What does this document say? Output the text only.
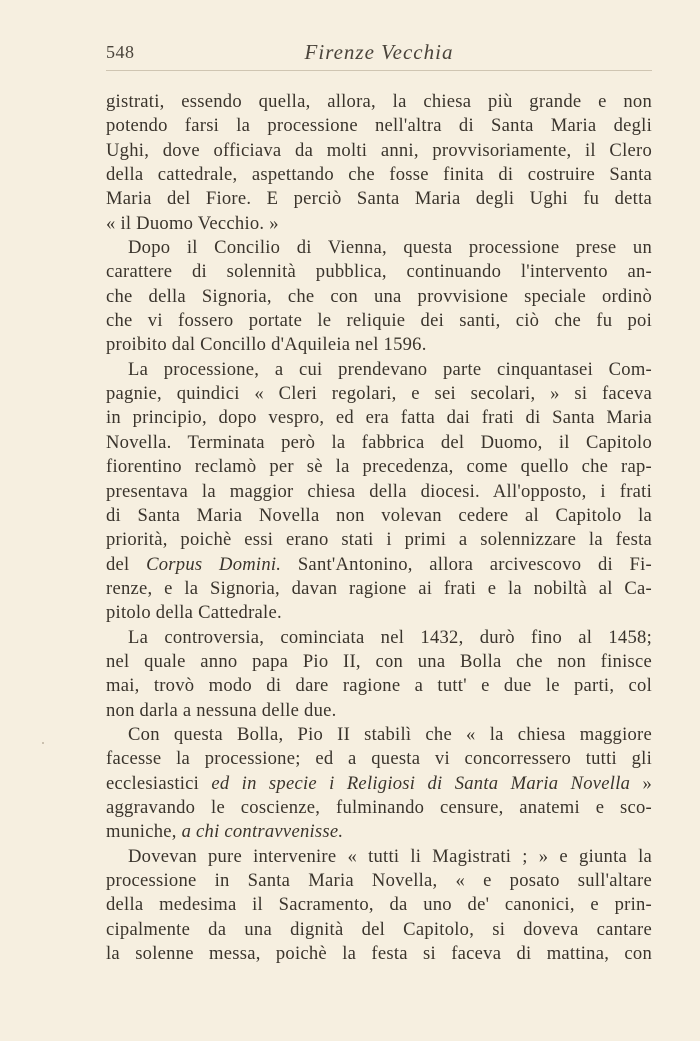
548	Firenze Vecchia
gistrati, essendo quella, allora, la chiesa più grande e non
potendo farsi la processione nell'altra di Santa Maria degli
Ughi, dove officiava da molti anni, provvisoriamente, il Clero
della cattedrale, aspettando che fosse finita di costruire Santa
Maria del Fiore. E perciò Santa Maria degli Ughi fu detta
« il Duomo Vecchio. »
Dopo il Concilio di Vienna, questa processione prese un
carattere di solennità pubblica, continuando l'intervento an-
che della Signoria, che con una provvisione speciale ordinò
che vi fossero portate le reliquie dei santi, ciò che fu poi
proibito dal Concillo d'Aquileia nel 1596.
La processione, a cui prendevano parte cinquantasei Com-
pagnie, quindici « Cleri regolari, e sei secolari, » si faceva
in principio, dopo vespro, ed era fatta dai frati di Santa Maria
Novella. Terminata però la fabbrica del Duomo, il Capitolo
fiorentino reclamò per sè la precedenza, come quello che rap-
presentava la maggior chiesa della diocesi. All'opposto, i frati
di Santa Maria Novella non volevan cedere al Capitolo la
priorità, poichè essi erano stati i primi a solennizzare la festa
del Corpus Domini. Sant'Antonino, allora arcivescovo di Fi-
renze, e la Signoria, davan ragione ai frati e la nobiltà al Ca-
pitolo della Cattedrale.
La controversia, cominciata nel 1432, durò fino al 1458;
nel quale anno papa Pio II, con una Bolla che non finisce
mai, trovò modo di dare ragione a tutt' e due le parti, col
non darla a nessuna delle due.
Con questa Bolla, Pio II stabilì che « la chiesa maggiore
facesse la processione; ed a questa vi concorressero tutti gli
ecclesiastici ed in specie i Religiosi di Santa Maria Novella »
aggravando le coscienze, fulminando censure, anatemi e sco-
muniche, a chi contravvenisse.
Dovevan pure intervenire « tutti li Magistrati ; » e giunta la
processione in Santa Maria Novella, « e posato sull'altare
della medesima il Sacramento, da uno de' canonici, e prin-
cipalmente da una dignità del Capitolo, si doveva cantare
la solenne messa, poichè la festa si faceva di mattina, con
